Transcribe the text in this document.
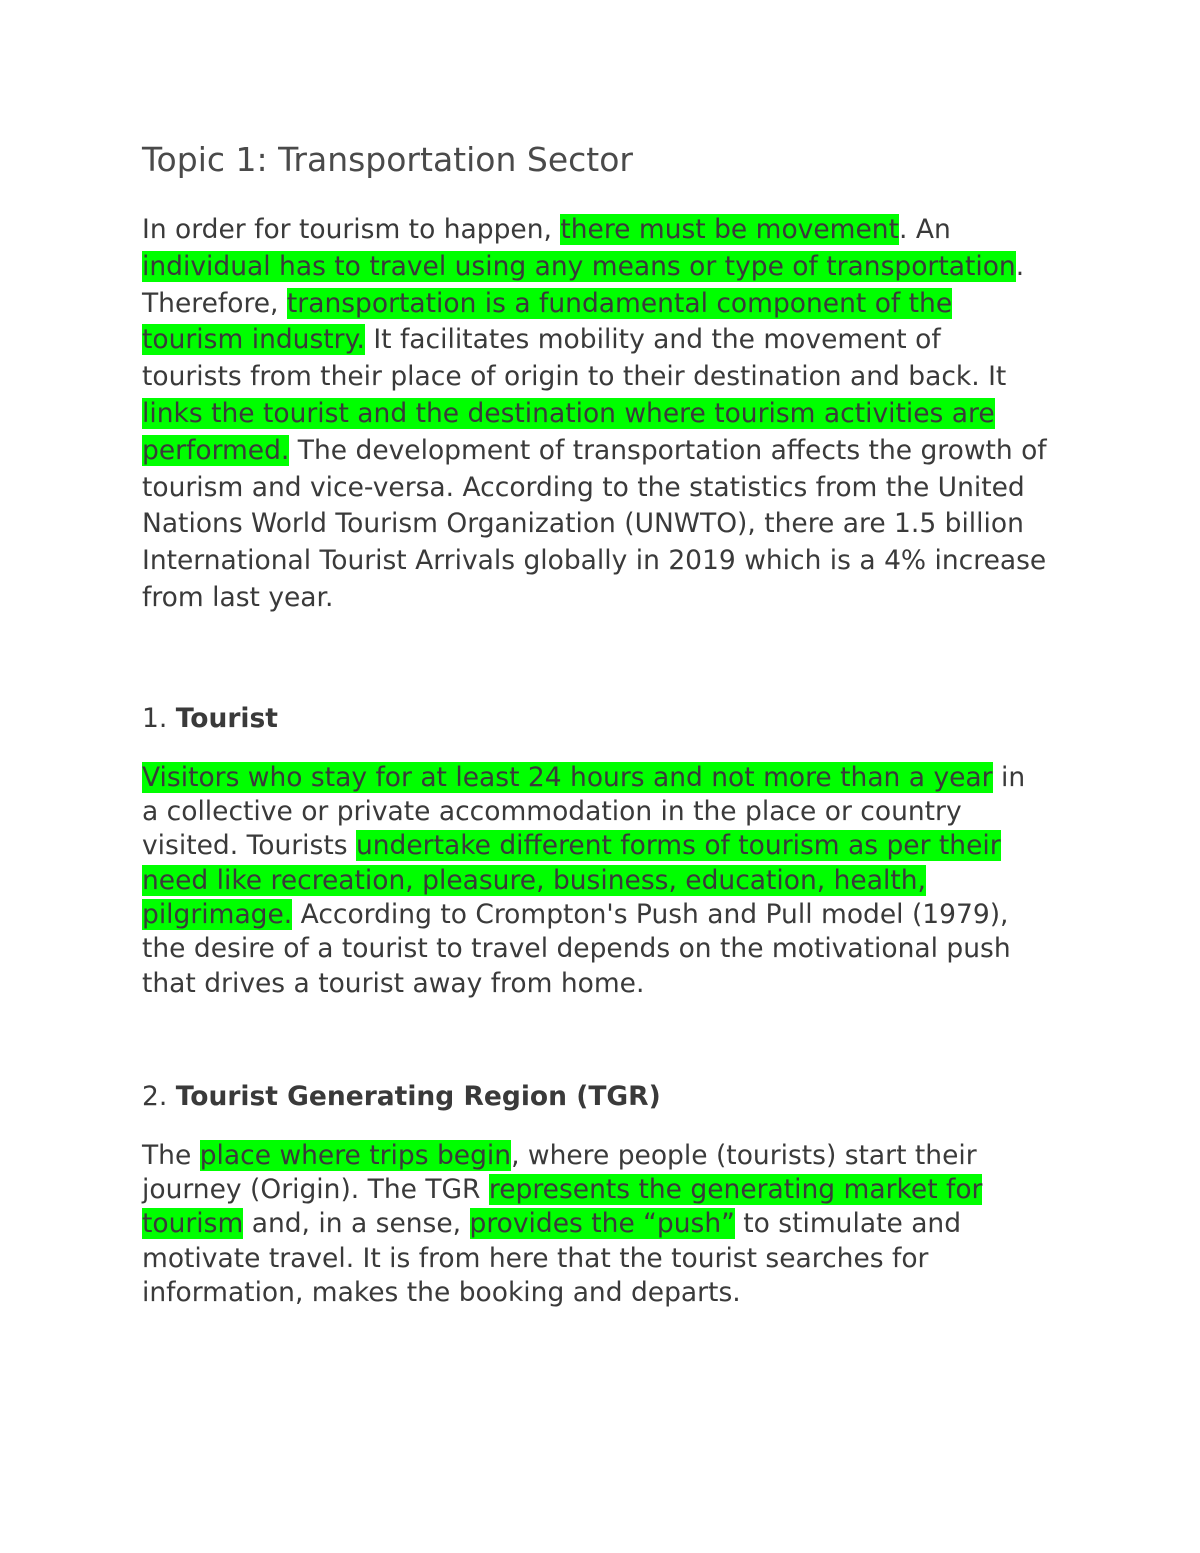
Topic 1: Transportation Sector

In order for tourism to happen, there must be movement. An individual has to travel using any means or type of transportation. Therefore, transportation is a fundamental component of the tourism industry. It facilitates mobility and the movement of tourists from their place of origin to their destination and back. It links the tourist and the destination where tourism activities are performed. The development of transportation affects the growth of tourism and vice-versa. According to the statistics from the United Nations World Tourism Organization (UNWTO), there are 1.5 billion International Tourist Arrivals globally in 2019 which is a 4% increase from last year.

1. Tourist

Visitors who stay for at least 24 hours and not more than a year in a collective or private accommodation in the place or country visited. Tourists undertake different forms of tourism as per their need like recreation, pleasure, business, education, health, pilgrimage. According to Crompton's Push and Pull model (1979), the desire of a tourist to travel depends on the motivational push that drives a tourist away from home.

2. Tourist Generating Region (TGR)

The place where trips begin, where people (tourists) start their journey (Origin). The TGR represents the generating market for tourism and, in a sense, provides the “push” to stimulate and motivate travel. It is from here that the tourist searches for information, makes the booking and departs.
